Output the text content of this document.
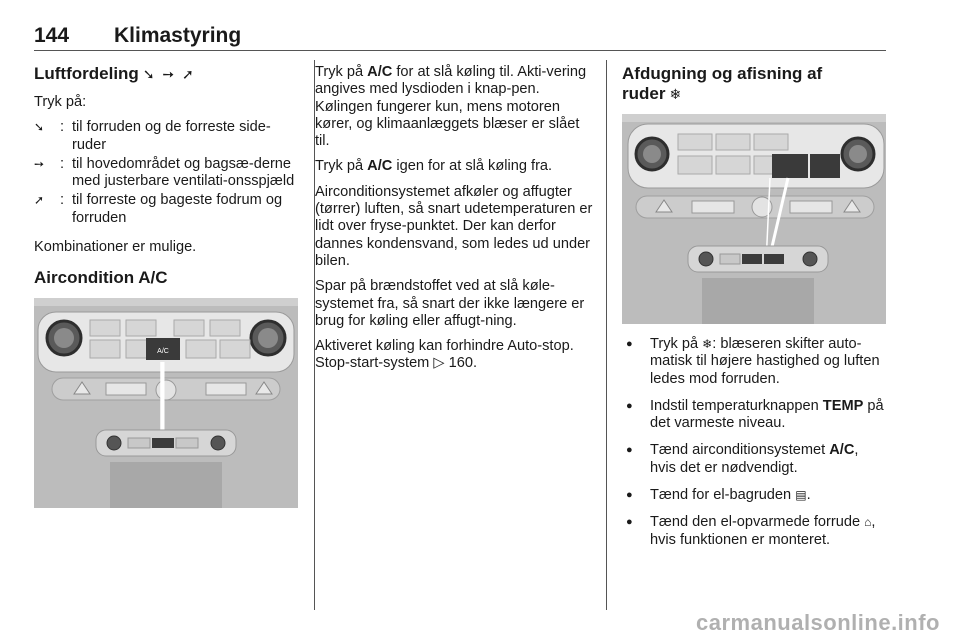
144 Klimastyring
Luftfordeling ➘ ➙ ➚

Tryk på:

➘	: til forruden og de forreste side-ruder
➙	: til hovedområdet og bagsæ-derne med justerbare ventilati-onsspjæld
➚	: til forreste og bageste fodrum og forruden

Kombinationer er mulige.

Aircondition A/C
A/C

Tryk på A/C for at slå køling til. Akti-vering angives med lysdioden i knap-pen. Kølingen fungerer kun, mens motoren kører, og klimaanlæggets blæser er slået til.

Tryk på A/C igen for at slå køling fra.

Airconditionsystemet afkøler og affugter (tørrer) luften, så snart udetemperaturen er lidt over fryse-punktet. Der kan derfor dannes kondensvand, som ledes ud under bilen.

Spar på brændstoffet ved at slå køle-systemet fra, så snart der ikke længere er brug for køling eller affugt-ning.

Aktiveret køling kan forhindre Auto-stop. Stop-start-system ▷ 160.

Afdugning og afisning af ruder ❄
● Tryk på ❄: blæseren skifter auto-matisk til højere hastighed og luften ledes mod forruden.
● Indstil temperaturknappen TEMP på det varmeste niveau.
● Tænd airconditionsystemet A/C, hvis det er nødvendigt.
● Tænd for el-bagruden ▤.
● Tænd den el-opvarmede forrude ⌂, hvis funktionen er monteret.
carmanualsonline.info
